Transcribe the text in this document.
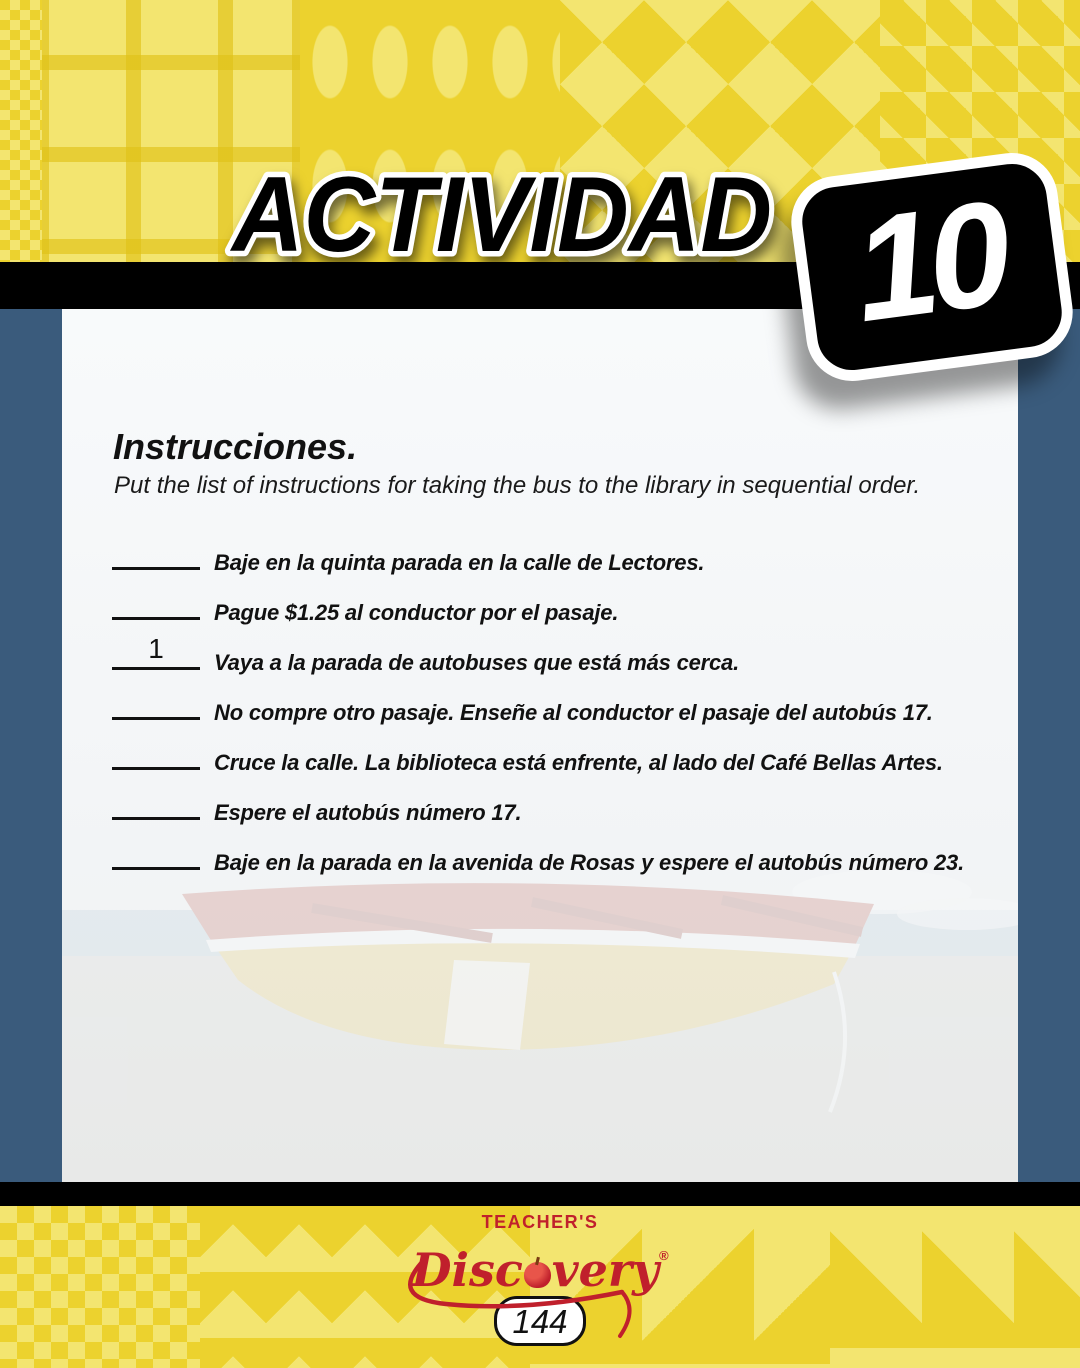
Instrucciones.

Put the list of instructions for taking the bus to the library in sequential order.

Baje en la quinta parada en la calle de Lectores.
Pague $1.25 al conductor por el pasaje.
1	Vaya a la parada de autobuses que está más cerca.
No compre otro pasaje. Enseñe al conductor el pasaje del autobús 17.
Cruce la calle. La biblioteca está enfrente, al lado del Café Bellas Artes.
Espere el autobús número 17.
Baje en la parada en la avenida de Rosas y espere el autobús número 23.
ACTIVIDAD 10
TEACHER'S
Disc very®
144
